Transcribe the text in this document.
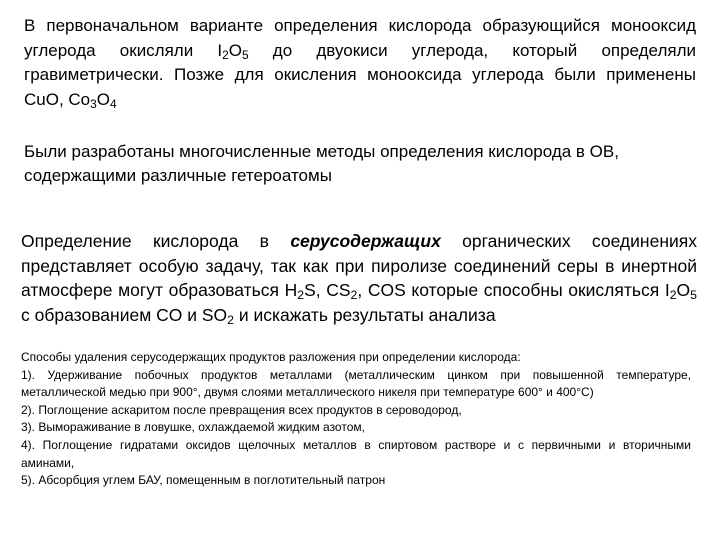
В первоначальном варианте определения кислорода образующийся монооксид углерода окисляли $I_2O_5$ до двуокиси углерода, который определяли гравиметрически. Позже для окисления монооксида углерода были применены CuO, $Co_3O_4$

Были разработаны многочисленные методы определения кислорода в ОВ, содержащими различные гетероатомы

Определение кислорода в серусодержащих органических соединениях представляет особую задачу, так как при пиролизе соединений серы в инертной атмосфере могут образоваться $H_2S$, $CS_2$, COS которые способны окисляться $I_2O_5$ с образованием CO и $SO_2$ и искажать результаты анализа

Способы удаления серусодержащих продуктов разложения при определении кислорода:
1). Удерживание побочных продуктов металлами (металлическим цинком при повышенной температуре, металлической медью при 900°, двумя слоями металлического никеля при температуре 600° и 400°С)
2). Поглощение аскаритом после превращения всех продуктов в сероводород,
3). Вымораживание в ловушке, охлаждаемой жидким азотом,
4). Поглощение гидратами оксидов щелочных металлов в спиртовом растворе и с первичными и вторичными аминами,
5). Абсорбция углем БАУ, помещенным в поглотительный патрон
